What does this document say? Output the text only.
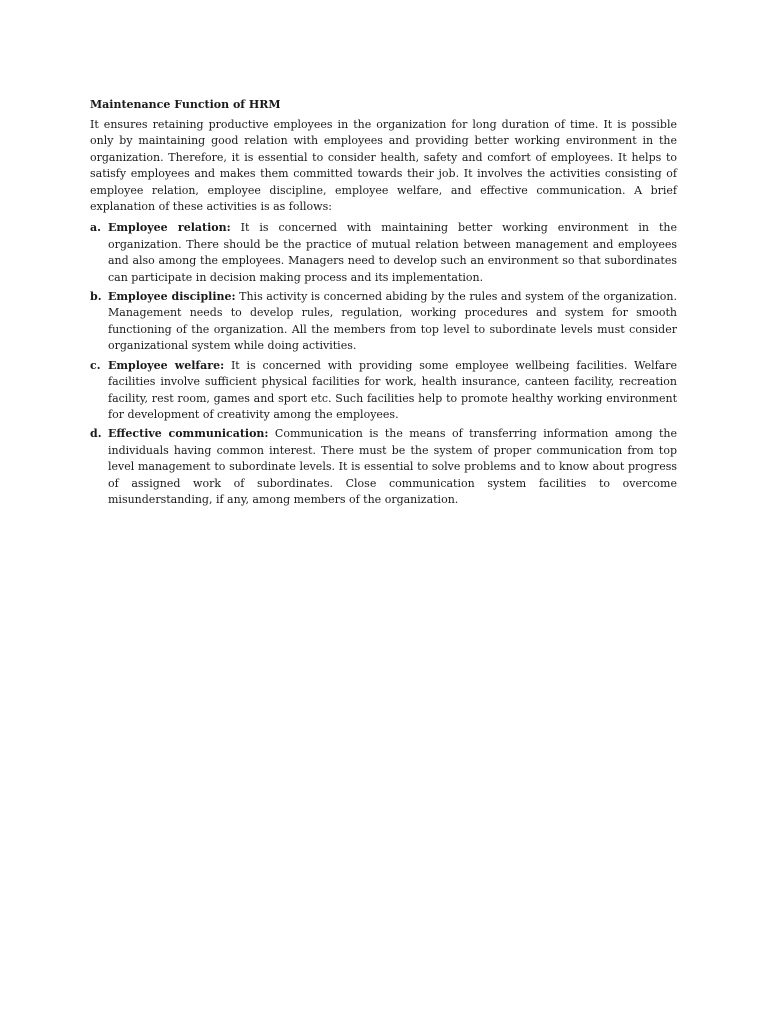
Maintenance Function of HRM

It ensures retaining productive employees in the organization for long duration of time. It is possible only by maintaining good relation with employees and providing better working environment in the organization. Therefore, it is essential to consider health, safety and comfort of employees. It helps to satisfy employees and makes them committed towards their job. It involves the activities consisting of employee relation, employee discipline, employee welfare, and effective communication. A brief explanation of these activities is as follows:

a. Employee relation: It is concerned with maintaining better working environment in the organization. There should be the practice of mutual relation between management and employees and also among the employees. Managers need to develop such an environment so that subordinates can participate in decision making process and its implementation.
b. Employee discipline: This activity is concerned abiding by the rules and system of the organization. Management needs to develop rules, regulation, working procedures and system for smooth functioning of the organization. All the members from top level to subordinate levels must consider organizational system while doing activities.
c. Employee welfare: It is concerned with providing some employee wellbeing facilities. Welfare facilities involve sufficient physical facilities for work, health insurance, canteen facility, recreation facility, rest room, games and sport etc. Such facilities help to promote healthy working environment for development of creativity among the employees.
d. Effective communication: Communication is the means of transferring information among the individuals having common interest. There must be the system of proper communication from top level management to subordinate levels. It is essential to solve problems and to know about progress of assigned work of subordinates. Close communication system facilities to overcome misunderstanding, if any, among members of the organization.
